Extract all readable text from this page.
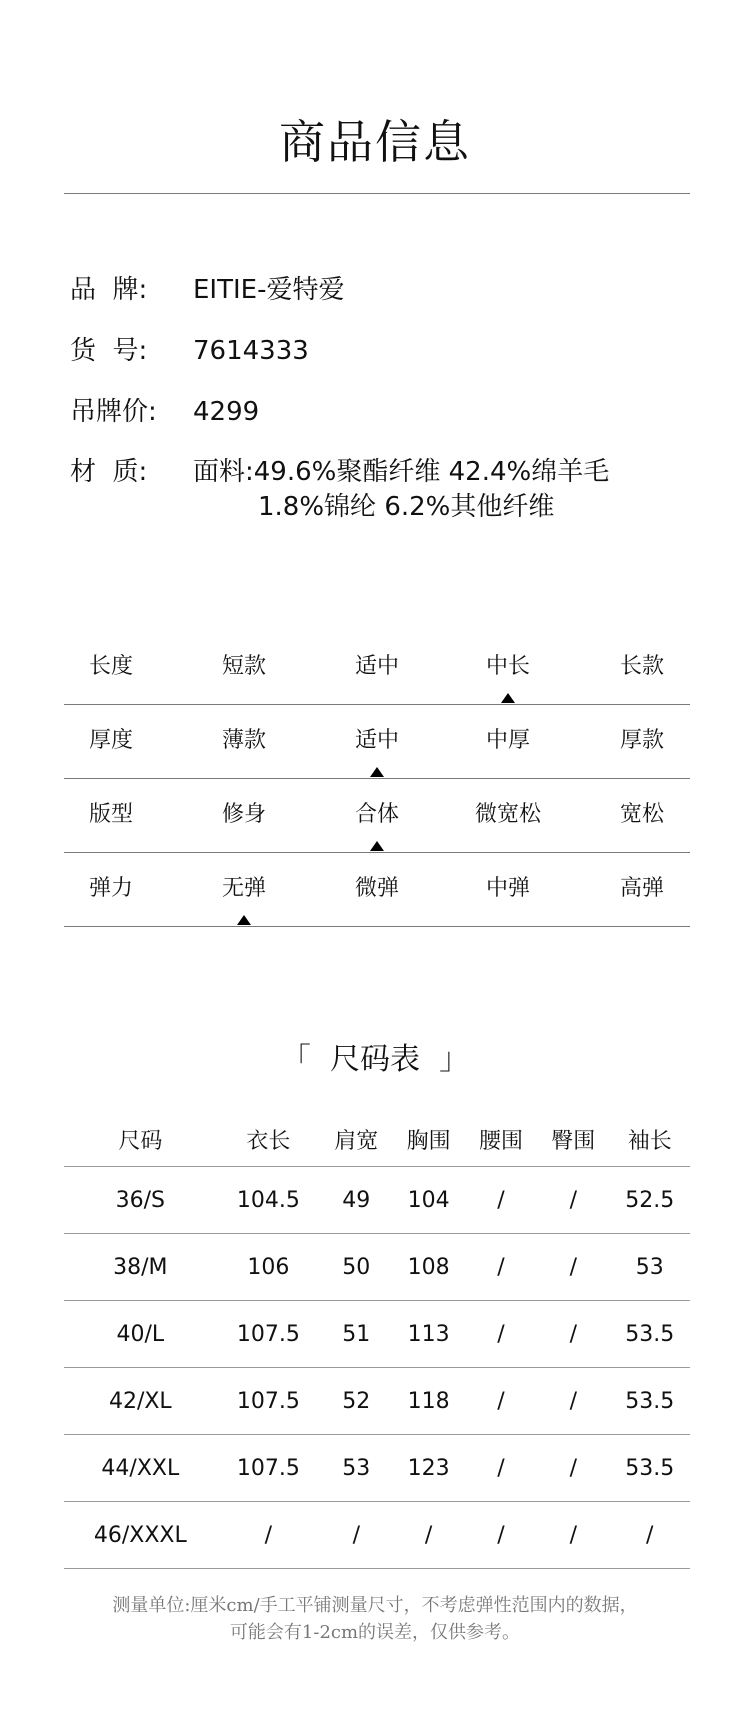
商品信息
品  牌:	EITIE-爱特爱
货  号:	7614333
吊牌价:	4299
材  质:	面料:49.6%聚酯纤维 42.4%绵羊毛
1.8%锦纶 6.2%其他纤维
长度	短款	适中	中长	长款
厚度	薄款	适中	中厚	厚款
版型	修身	合体	微宽松	宽松
弹力	无弹	微弹	中弹	高弹
「  尺码表  」
尺码	衣长	肩宽	胸围	腰围	臀围	袖长
36/S	104.5	49	104	/	/	52.5
38/M	106	50	108	/	/	53
40/L	107.5	51	113	/	/	53.5
42/XL	107.5	52	118	/	/	53.5
44/XXL	107.5	53	123	/	/	53.5
46/XXXL	/	/	/	/	/	/
测量单位:厘米cm/手工平铺测量尺寸，不考虑弹性范围内的数据，
可能会有1-2cm的误差，仅供参考。
